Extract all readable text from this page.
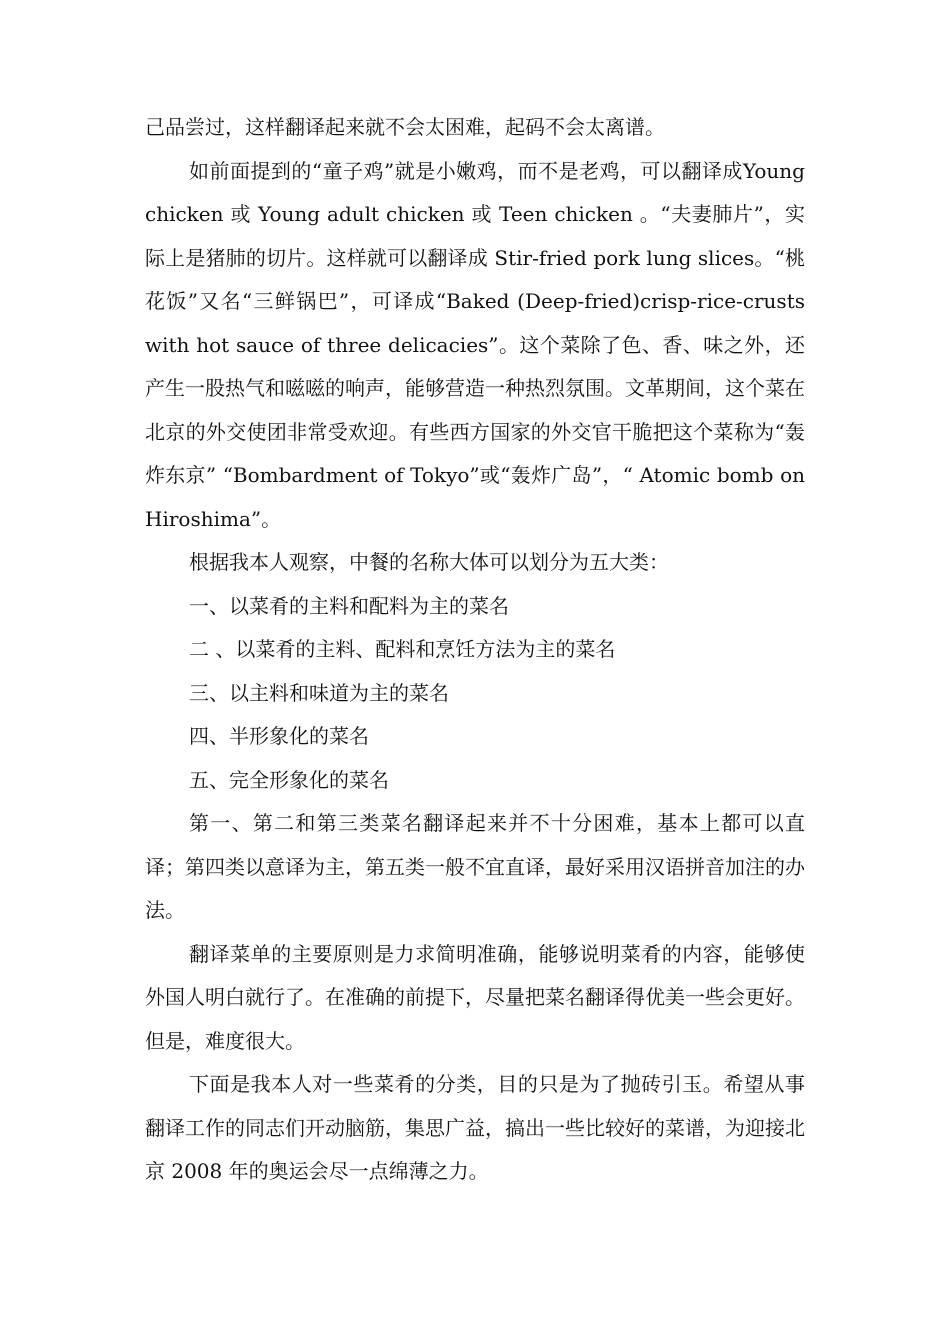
己品尝过，这样翻译起来就不会太困难，起码不会太离谱。

如前面提到的“童子鸡”就是小嫩鸡，而不是老鸡，可以翻译成Young chicken 或 Young adult chicken 或 Teen chicken 。“夫妻肺片”，实际上是猪肺的切片。这样就可以翻译成 Stir-fried pork lung slices。“桃花饭”又名“三鲜锅巴”，可译成“Baked (Deep-fried)crisp-rice-crusts with hot sauce of three delicacies”。这个菜除了色、香、味之外，还产生一股热气和嗞嗞的响声，能够营造一种热烈氛围。文革期间，这个菜在北京的外交使团非常受欢迎。有些西方国家的外交官干脆把这个菜称为“轰炸东京” “Bombardment of Tokyo”或“轰炸广岛”，“ Atomic bomb on Hiroshima”。

根据我本人观察，中餐的名称大体可以划分为五大类：

一、以菜肴的主料和配料为主的菜名

二 、以菜肴的主料、配料和烹饪方法为主的菜名

三、以主料和味道为主的菜名

四、半形象化的菜名

五、完全形象化的菜名

第一、第二和第三类菜名翻译起来并不十分困难，基本上都可以直译；第四类以意译为主，第五类一般不宜直译，最好采用汉语拼音加注的办法。

翻译菜单的主要原则是力求简明准确，能够说明菜肴的内容，能够使外国人明白就行了。在准确的前提下，尽量把菜名翻译得优美一些会更好。但是，难度很大。

下面是我本人对一些菜肴的分类，目的只是为了抛砖引玉。希望从事翻译工作的同志们开动脑筋，集思广益，搞出一些比较好的菜谱，为迎接北京 2008 年的奥运会尽一点绵薄之力。
